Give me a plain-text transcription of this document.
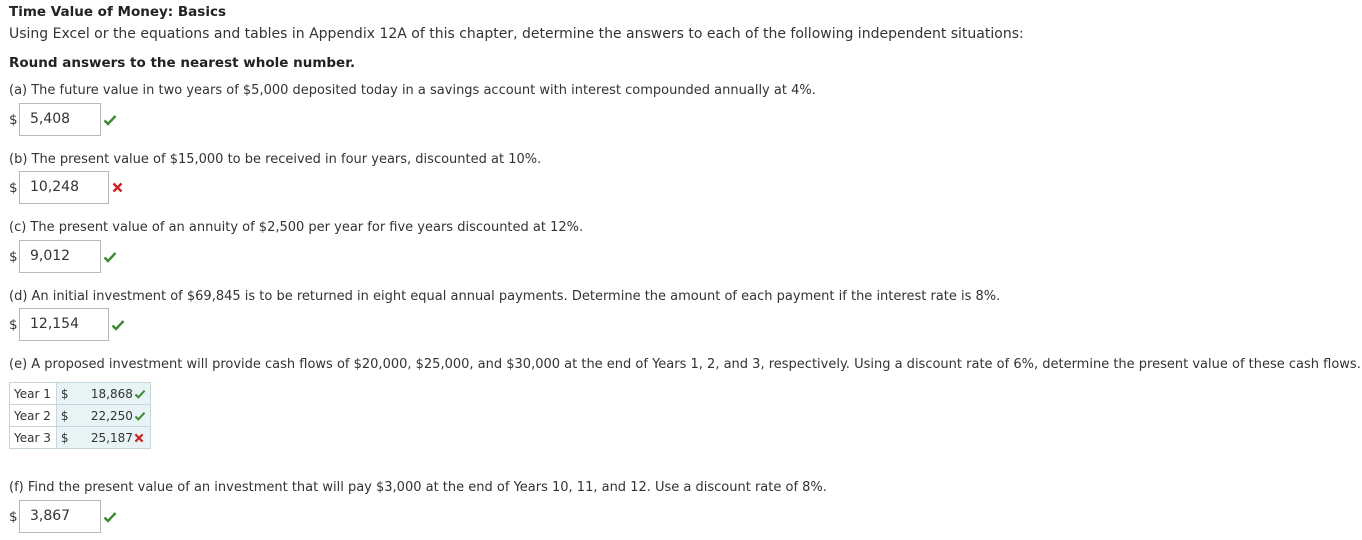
Time Value of Money: Basics
Using Excel or the equations and tables in Appendix 12A of this chapter, determine the answers to each of the following independent situations:
Round answers to the nearest whole number.
(a) The future value in two years of $5,000 deposited today in a savings account with interest compounded annually at 4%.
$ 5,408
(b) The present value of $15,000 to be received in four years, discounted at 10%.
$ 10,248
(c) The present value of an annuity of $2,500 per year for five years discounted at 12%.
$ 9,012
(d) An initial investment of $69,845 is to be returned in eight equal annual payments. Determine the amount of each payment if the interest rate is 8%.
$ 12,154
(e) A proposed investment will provide cash flows of $20,000, $25,000, and $30,000 at the end of Years 1, 2, and 3, respectively. Using a discount rate of 6%, determine the present value of these cash flows.
Year 1	$ 18,868

Year 2	$ 22,250

Year 3	$ 25,187
(f) Find the present value of an investment that will pay $3,000 at the end of Years 10, 11, and 12. Use a discount rate of 8%.
$ 3,867
